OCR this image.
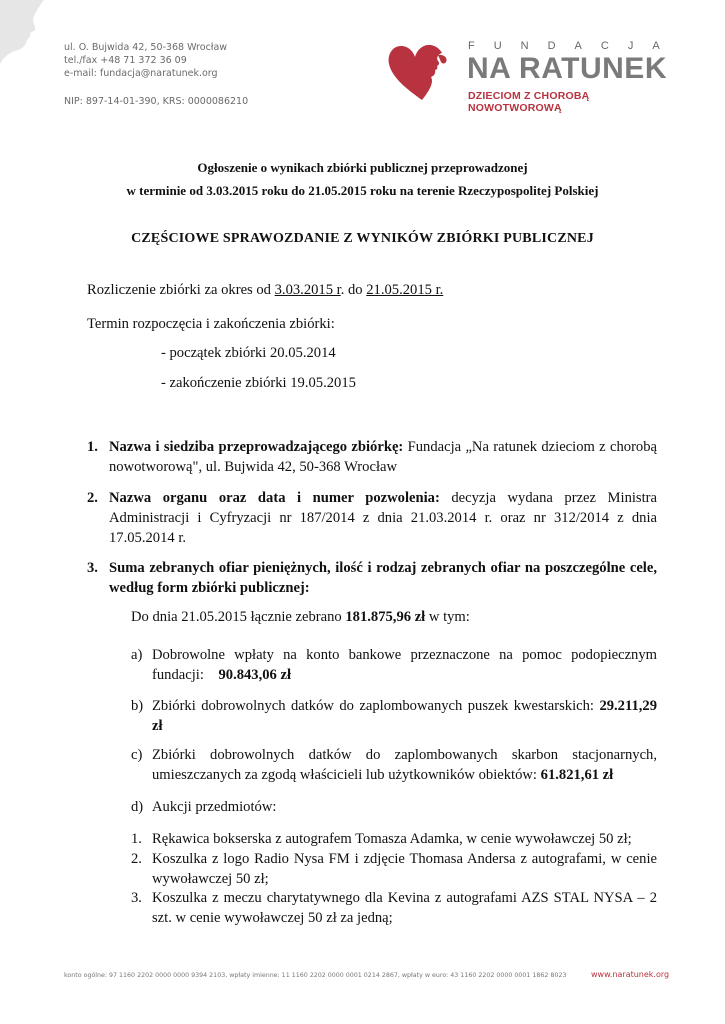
ul. O. Bujwida 42, 50-368 Wrocław
tel./fax +48 71 372 36 09
e-mail: fundacja@naratunek.org
NIP: 897-14-01-390, KRS: 0000086210
FUNDACJA
NA RATUNEK
DZIECIOM Z CHOROBĄ NOWOTWOROWĄ
Ogłoszenie o wynikach zbiórki publicznej przeprowadzonej
w terminie od 3.03.2015 roku do 21.05.2015 roku na terenie Rzeczypospolitej Polskiej
CZĘŚCIOWE SPRAWOZDANIE Z WYNIKÓW ZBIÓRKI PUBLICZNEJ
Rozliczenie zbiórki za okres od 3.03.2015 r. do 21.05.2015 r.
Termin rozpoczęcia i zakończenia zbiórki:
- początek zbiórki 20.05.2014
- zakończenie zbiórki 19.05.2015
1. Nazwa i siedziba przeprowadzającego zbiórkę: Fundacja „Na ratunek dzieciom z chorobą
nowotworową", ul. Bujwida 42, 50-368 Wrocław
2. Nazwa organu oraz data i numer pozwolenia: decyzja wydana przez Ministra
Administracji i Cyfryzacji nr 187/2014 z dnia 21.03.2014 r. oraz nr 312/2014 z dnia
17.05.2014 r.
3. Suma zebranych ofiar pieniężnych, ilość i rodzaj zebranych ofiar na poszczególne cele,
według form zbiórki publicznej:
Do dnia 21.05.2015 łącznie zebrano 181.875,96 zł w tym:
a) Dobrowolne wpłaty na konto bankowe przeznaczone na pomoc podopiecznym
fundacji: 90.843,06 zł
b) Zbiórki dobrowolnych datków do zaplombowanych puszek kwestarskich: 29.211,29
zł
c) Zbiórki dobrowolnych datków do zaplombowanych skarbon stacjonarnych,
umieszczanych za zgodą właścicieli lub użytkowników obiektów: 61.821,61 zł
d) Aukcji przedmiotów:
1. Rękawica bokserska z autografem Tomasza Adamka, w cenie wywoławczej 50 zł;
2. Koszulka z logo Radio Nysa FM i zdjęcie Thomasa Andersa z autografami, w cenie
wywoławczej 50 zł;
3. Koszulka z meczu charytatywnego dla Kevina z autografami AZS STAL NYSA – 2
szt. w cenie wywoławczej 50 zł za jedną;
konto ogólne: 97 1160 2202 0000 0000 9394 2103, wpłaty imienne: 11 1160 2202 0000 0001 0214 2867, wpłaty w euro: 43 1160 2202 0000 0001 1862 8023	www.naratunek.org
